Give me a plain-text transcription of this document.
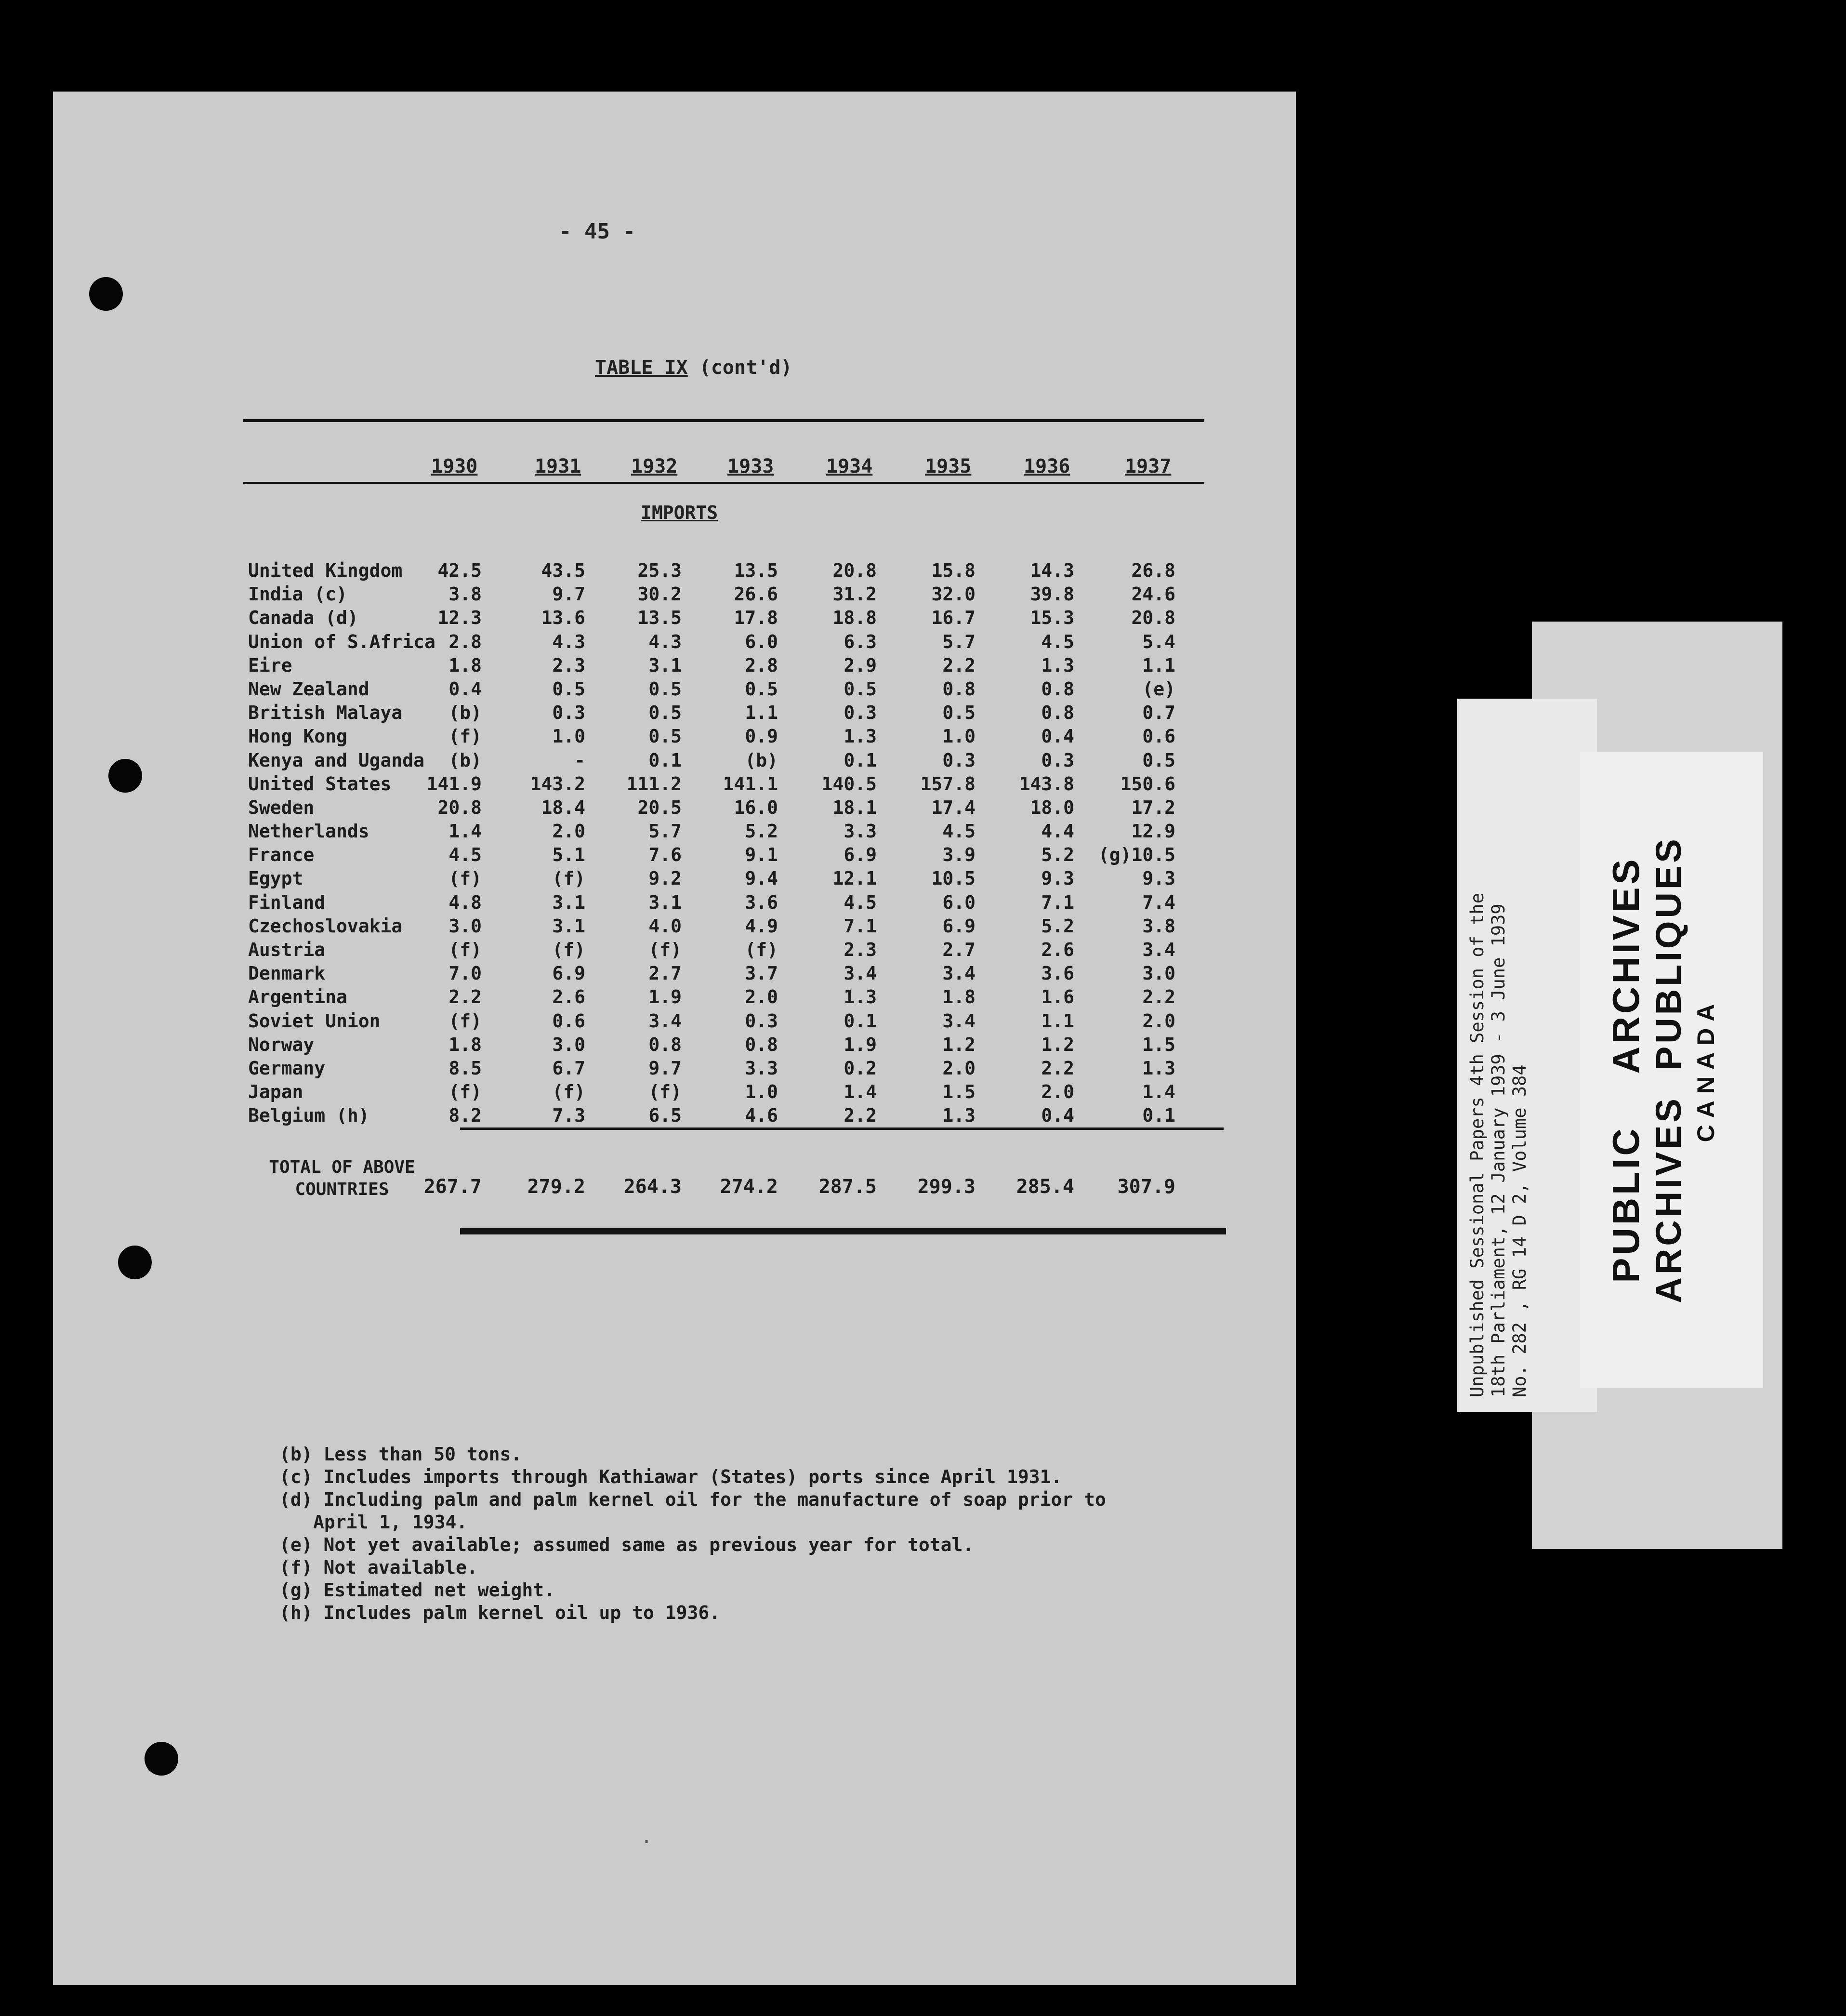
- 45 -
TABLE IX (cont'd)
1930	1931	1932	1933	1934	1935	1936	1937
IMPORTS
United Kingdom	42.5	43.5	25.3	13.5	20.8	15.8	14.3	26.8
India (c)	3.8	9.7	30.2	26.6	31.2	32.0	39.8	24.6
Canada (d)	12.3	13.6	13.5	17.8	18.8	16.7	15.3	20.8
Union of S.Africa 2.8	4.3	4.3	6.0	6.3	5.7	4.5	5.4
Eire	1.8	2.3	3.1	2.8	2.9	2.2	1.3	1.1
New Zealand	0.4	0.5	0.5	0.5	0.5	0.8	0.8	(e)
British Malaya	(b)	0.3	0.5	1.1	0.3	0.5	0.8	0.7
Hong Kong	(f)	1.0	0.5	0.9	1.3	1.0	0.4	0.6
Kenya and Uganda	(b)	-	0.1	(b)	0.1	0.3	0.3	0.5
United States	141.9	143.2	111.2	141.1	140.5	157.8	143.8	150.6
Sweden	20.8	18.4	20.5	16.0	18.1	17.4	18.0	17.2
Netherlands	1.4	2.0	5.7	5.2	3.3	4.5	4.4	12.9
France	4.5	5.1	7.6	9.1	6.9	3.9	5.2	(g)10.5
Egypt	(f)	(f)	9.2	9.4	12.1	10.5	9.3	9.3
Finland	4.8	3.1	3.1	3.6	4.5	6.0	7.1	7.4
Czechoslovakia	3.0	3.1	4.0	4.9	7.1	6.9	5.2	3.8
Austria	(f)	(f)	(f)	(f)	2.3	2.7	2.6	3.4
Denmark	7.0	6.9	2.7	3.7	3.4	3.4	3.6	3.0
Argentina	2.2	2.6	1.9	2.0	1.3	1.8	1.6	2.2
Soviet Union	(f)	0.6	3.4	0.3	0.1	3.4	1.1	2.0
Norway	1.8	3.0	0.8	0.8	1.9	1.2	1.2	1.5
Germany	8.5	6.7	9.7	3.3	0.2	2.0	2.2	1.3
Japan	(f)	(f)	(f)	1.0	1.4	1.5	2.0	1.4
Belgium (h)	8.2	7.3	6.5	4.6	2.2	1.3	0.4	0.1
TOTAL OF ABOVE
COUNTRIES	267.7	279.2	264.3	274.2	287.5	299.3	285.4	307.9
(b) Less than 50 tons.
(c) Includes imports through Kathiawar (States) ports since April 1931.
(d) Including palm and palm kernel oil for the manufacture of soap prior to
April 1, 1934.
(e) Not yet available; assumed same as previous year for total.
(f) Not available.
(g) Estimated net weight.
(h) Includes palm kernel oil up to 1936.
·
Unpublished Sessional Papers 4th Session of the 18th Parliament, 12 January 1939 - 3 June 1939 No. 282 , RG 14 D 2, Volume 384 PUBLIC    ARCHIVES ARCHIVES  PUBLIQUES CANADA
